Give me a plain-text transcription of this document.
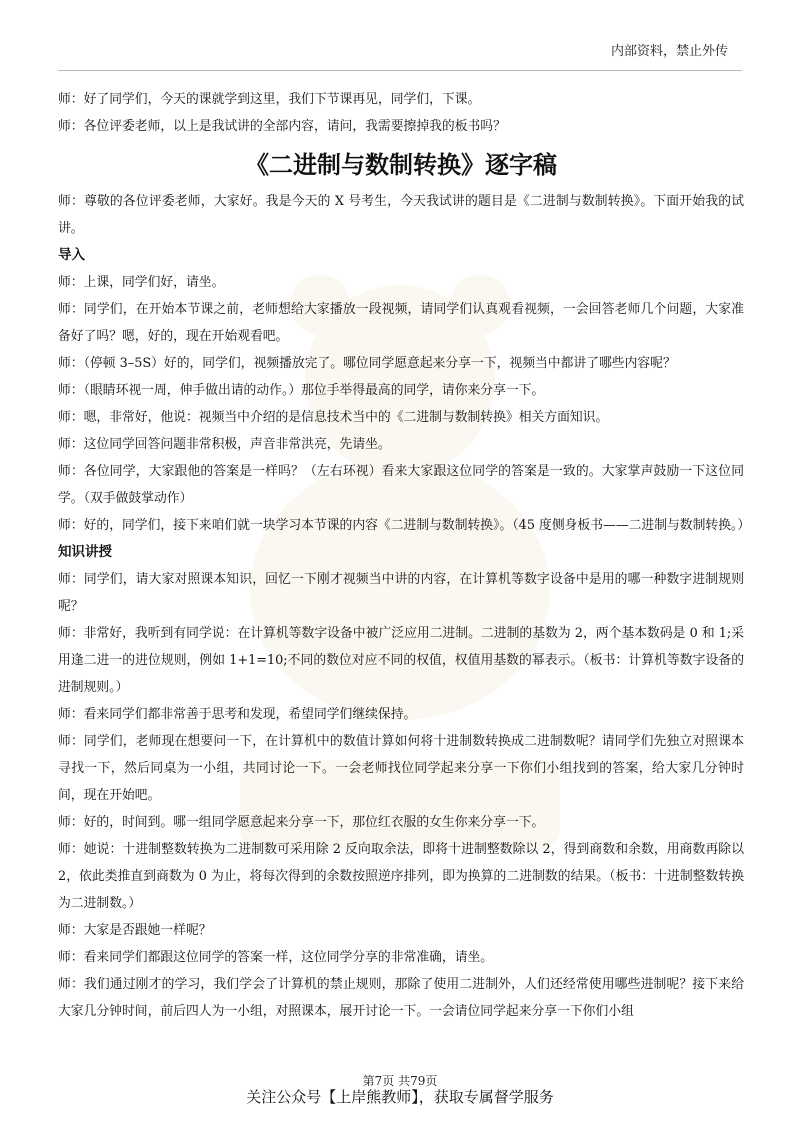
内部资料，禁止外传

师：好了同学们，今天的课就学到这里，我们下节课再见，同学们，下课。

师：各位评委老师，以上是我试讲的全部内容，请问，我需要擦掉我的板书吗？

《二进制与数制转换》逐字稿

师：尊敬的各位评委老师，大家好。我是今天的 X 号考生，今天我试讲的题目是《二进制与数制转换》。下面开始我的试讲。

导入

师：上课，同学们好，请坐。

师：同学们，在开始本节课之前，老师想给大家播放一段视频，请同学们认真观看视频，一会回答老师几个问题，大家准备好了吗？嗯，好的，现在开始观看吧。

师：（停顿 3–5S）好的，同学们，视频播放完了。哪位同学愿意起来分享一下，视频当中都讲了哪些内容呢？

师：（眼睛环视一周，伸手做出请的动作。）那位手举得最高的同学，请你来分享一下。

师：嗯，非常好，他说：视频当中介绍的是信息技术当中的《二进制与数制转换》相关方面知识。

师：这位同学回答问题非常积极，声音非常洪亮，先请坐。

师：各位同学，大家跟他的答案是一样吗？（左右环视）看来大家跟这位同学的答案是一致的。大家掌声鼓励一下这位同学。（双手做鼓掌动作）

师：好的，同学们，接下来咱们就一块学习本节课的内容《二进制与数制转换》。（45 度侧身板书——二进制与数制转换。）

知识讲授

师：同学们，请大家对照课本知识，回忆一下刚才视频当中讲的内容，在计算机等数字设备中是用的哪一种数字进制规则呢？

师：非常好，我听到有同学说：在计算机等数字设备中被广泛应用二进制。二进制的基数为 2，两个基本数码是 0 和 1;采用逢二进一的进位规则，例如 1+1=10;不同的数位对应不同的权值，权值用基数的幂表示。（板书：计算机等数字设备的进制规则。）

师：看来同学们都非常善于思考和发现，希望同学们继续保持。

师：同学们，老师现在想要问一下，在计算机中的数值计算如何将十进制数转换成二进制数呢？请同学们先独立对照课本寻找一下，然后同桌为一小组，共同讨论一下。一会老师找位同学起来分享一下你们小组找到的答案，给大家几分钟时间，现在开始吧。

师：好的，时间到。哪一组同学愿意起来分享一下，那位红衣服的女生你来分享一下。

师：她说：十进制整数转换为二进制数可采用除 2 反向取余法，即将十进制整数除以 2，得到商数和余数，用商数再除以 2，依此类推直到商数为 0 为止，将每次得到的余数按照逆序排列，即为换算的二进制数的结果。（板书：十进制整数转换为二进制数。）

师：大家是否跟她一样呢？

师：看来同学们都跟这位同学的答案一样，这位同学分享的非常准确，请坐。

师：我们通过刚才的学习，我们学会了计算机的禁止规则，那除了使用二进制外，人们还经常使用哪些进制呢？接下来给大家几分钟时间，前后四人为一小组，对照课本，展开讨论一下。一会请位同学起来分享一下你们小组

第7页 共79页
关注公众号【上岸熊教师】，获取专属督学服务
